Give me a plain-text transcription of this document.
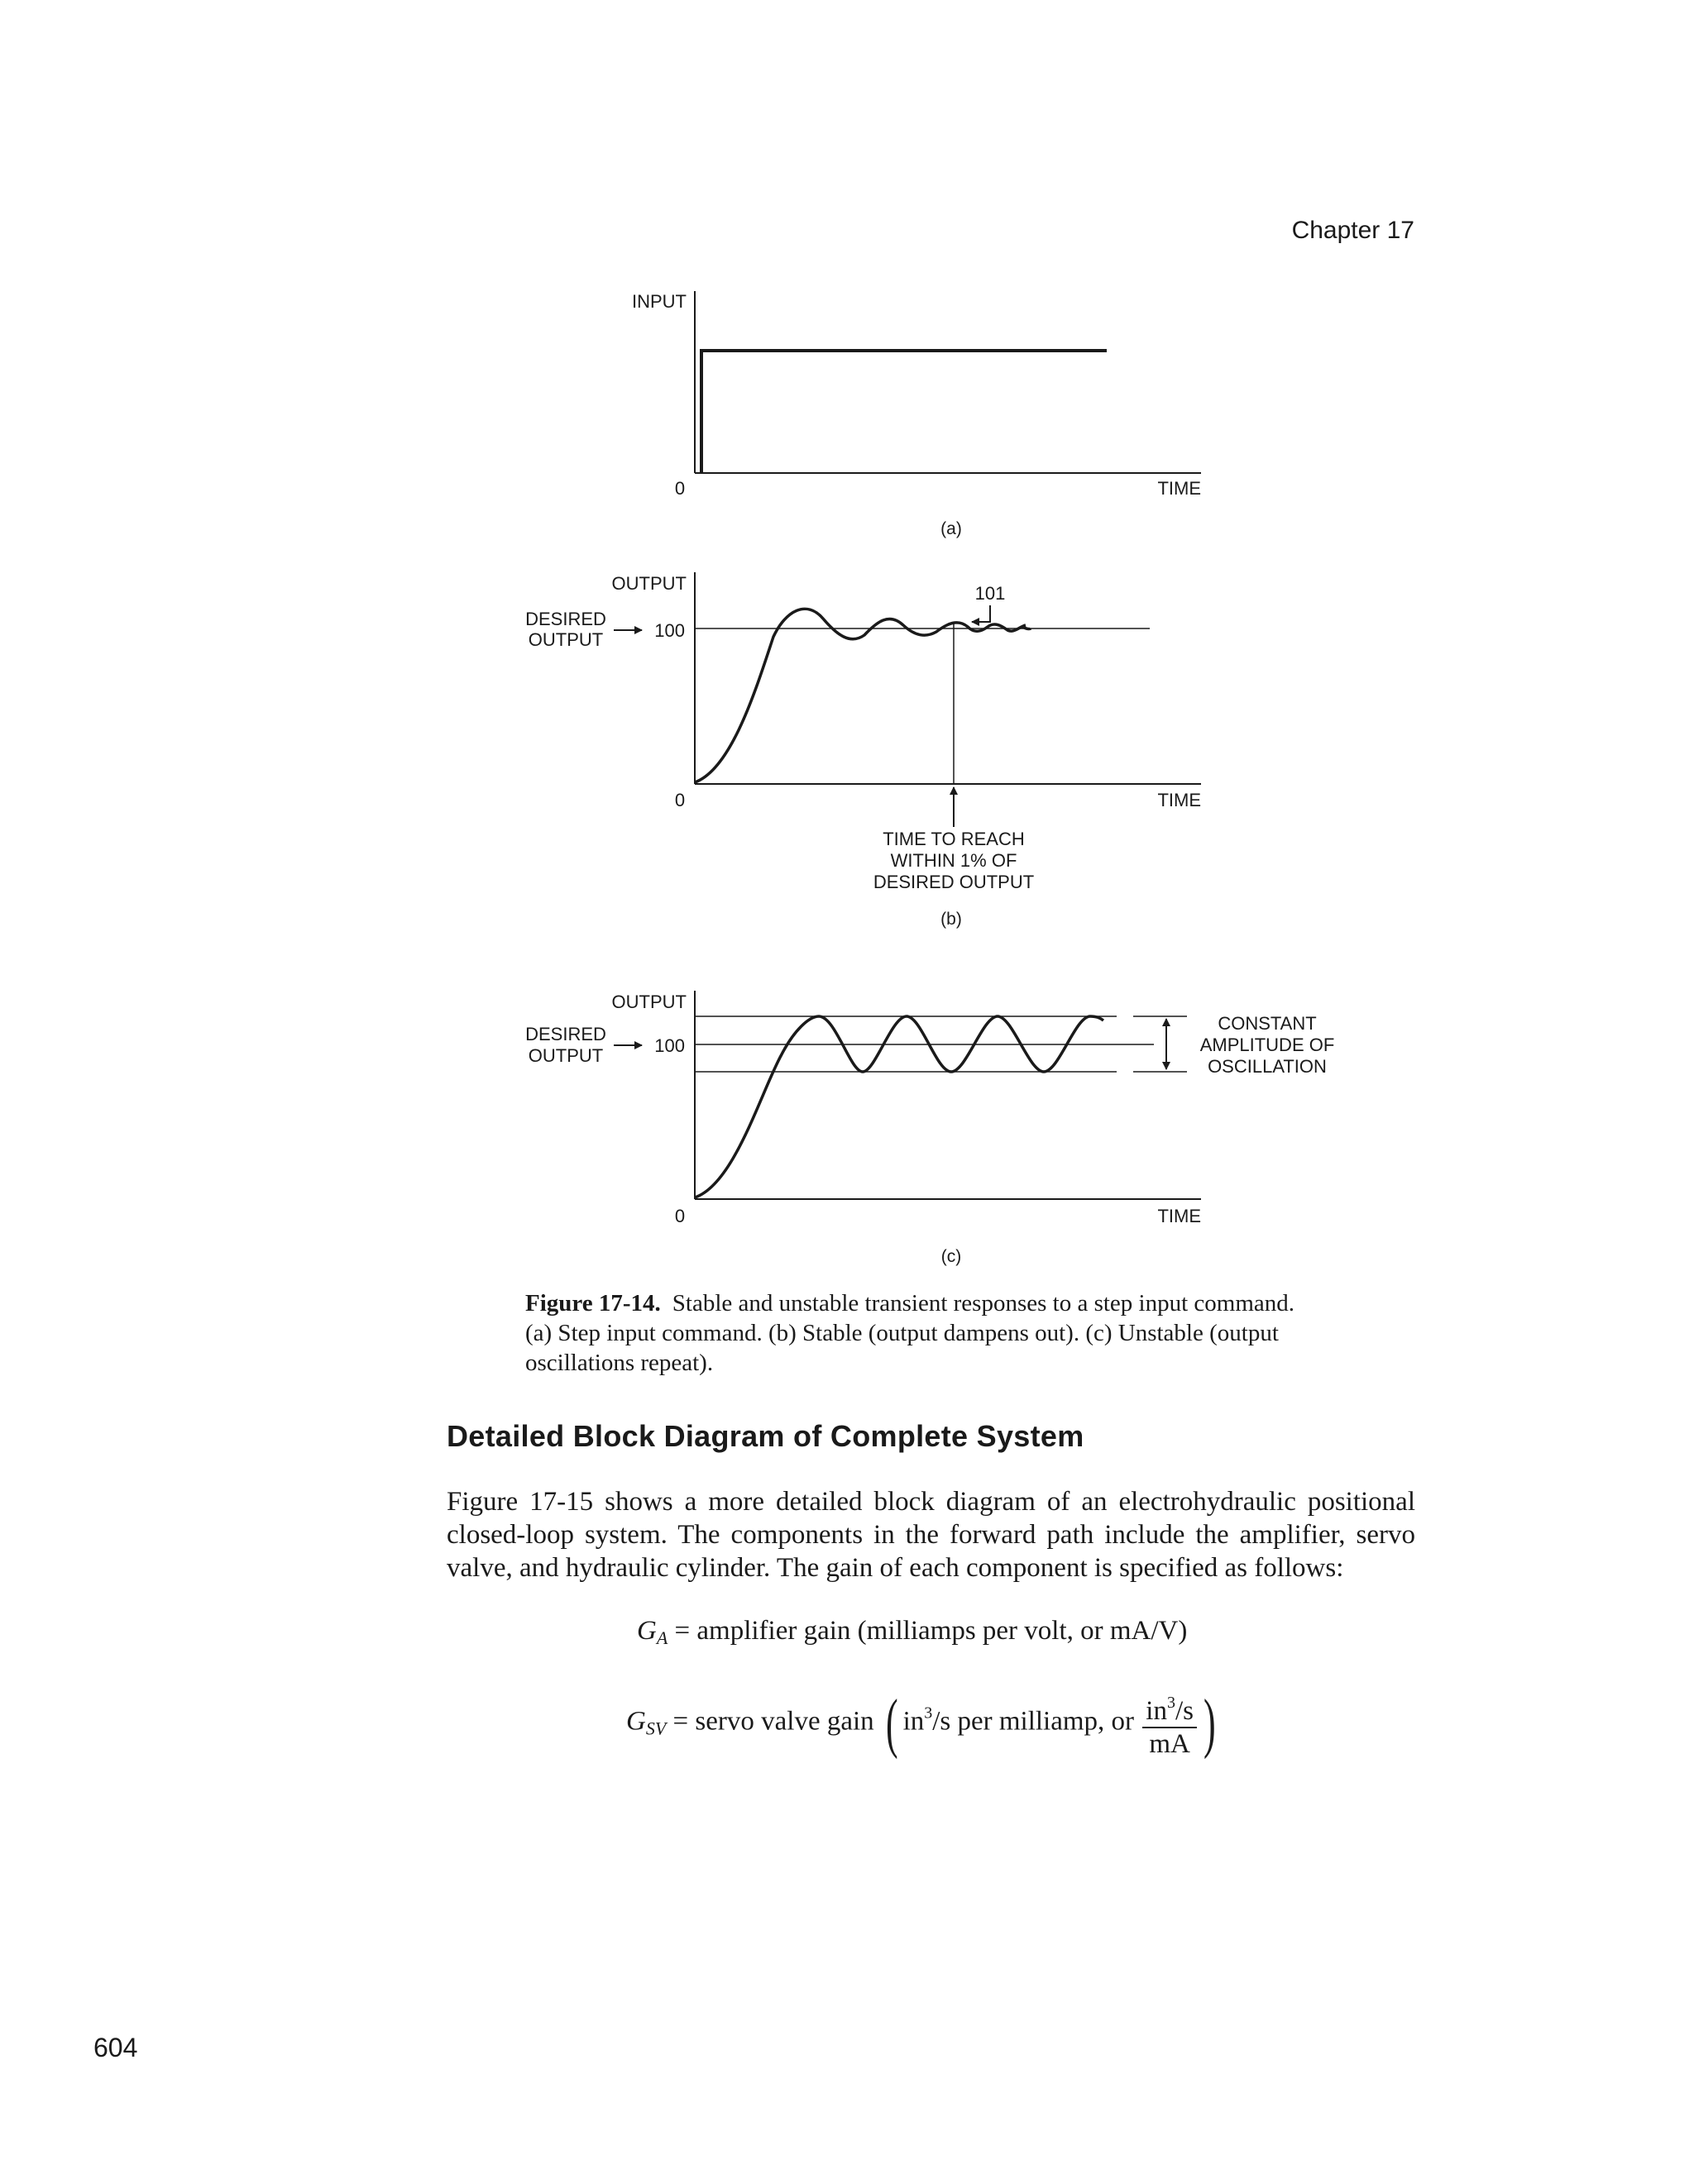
Chapter 17
INPUT
0	TIME
(a)
OUTPUT
DESIRED
OUTPUT	100
101
0	TIME
TIME TO REACH
WITHIN 1% OF
DESIRED OUTPUT
(b)
OUTPUT
DESIRED
OUTPUT	100
CONSTANT
AMPLITUDE OF
OSCILLATION
0	TIME
(c)
Figure 17-14. Stable and unstable transient responses to a step input command. (a) Step input command. (b) Stable (output dampens out). (c) Unstable (output oscillations repeat).
Detailed Block Diagram of Complete System
Figure 17-15 shows a more detailed block diagram of an electrohydraulic positional closed-loop system. The components in the forward path include the amplifier, servo valve, and hydraulic cylinder. The gain of each component is specified as follows:
$G_A$ = amplifier gain (milliamps per volt, or mA/V)
$G_{SV}$ = servo valve gain ( $in^3/s$ per milliamp, or $\frac{in^3/s}{mA}$ )
604
